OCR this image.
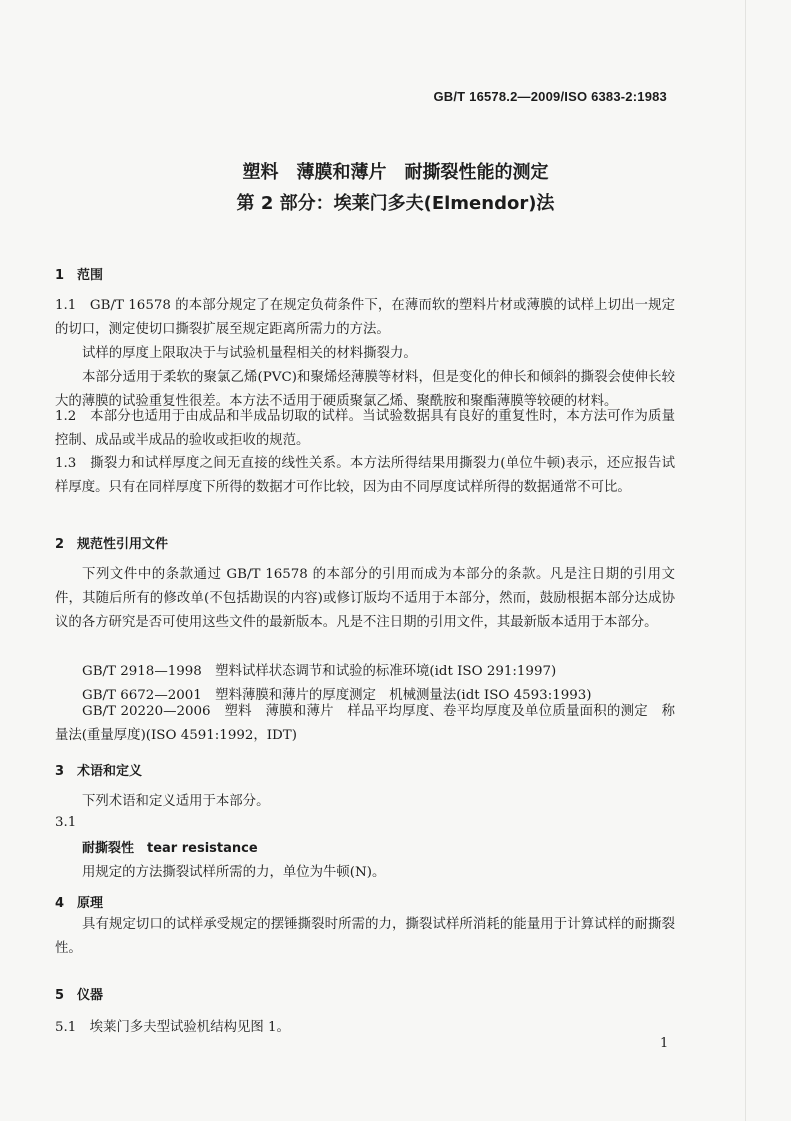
GB/T 16578.2—2009/ISO 6383-2:1983
塑料　薄膜和薄片　耐撕裂性能的测定
第 2 部分：埃莱门多夫(Elmendor)法
1　范围
1.1　GB/T 16578 的本部分规定了在规定负荷条件下，在薄而软的塑料片材或薄膜的试样上切出一规定的切口，测定使切口撕裂扩展至规定距离所需力的方法。
试样的厚度上限取决于与试验机量程相关的材料撕裂力。
本部分适用于柔软的聚氯乙烯(PVC)和聚烯烃薄膜等材料，但是变化的伸长和倾斜的撕裂会使伸长较大的薄膜的试验重复性很差。本方法不适用于硬质聚氯乙烯、聚酰胺和聚酯薄膜等较硬的材料。
1.2　本部分也适用于由成品和半成品切取的试样。当试验数据具有良好的重复性时，本方法可作为质量控制、成品或半成品的验收或拒收的规范。
1.3　撕裂力和试样厚度之间无直接的线性关系。本方法所得结果用撕裂力(单位牛顿)表示，还应报告试样厚度。只有在同样厚度下所得的数据才可作比较，因为由不同厚度试样所得的数据通常不可比。
2　规范性引用文件
下列文件中的条款通过 GB/T 16578 的本部分的引用而成为本部分的条款。凡是注日期的引用文件，其随后所有的修改单(不包括勘误的内容)或修订版均不适用于本部分，然而，鼓励根据本部分达成协议的各方研究是否可使用这些文件的最新版本。凡是不注日期的引用文件，其最新版本适用于本部分。
GB/T 2918—1998　塑料试样状态调节和试验的标准环境(idt ISO 291:1997)
GB/T 6672—2001　塑料薄膜和薄片的厚度测定　机械测量法(idt ISO 4593:1993)
GB/T 20220—2006　塑料　薄膜和薄片　样品平均厚度、卷平均厚度及单位质量面积的测定　称量法(重量厚度)(ISO 4591:1992，IDT)
3　术语和定义
下列术语和定义适用于本部分。
3.1
耐撕裂性　tear resistance
用规定的方法撕裂试样所需的力，单位为牛顿(N)。
4　原理
具有规定切口的试样承受规定的摆锤撕裂时所需的力，撕裂试样所消耗的能量用于计算试样的耐撕裂性。
5　仪器
5.1　埃莱门多夫型试验机结构见图 1。
1
